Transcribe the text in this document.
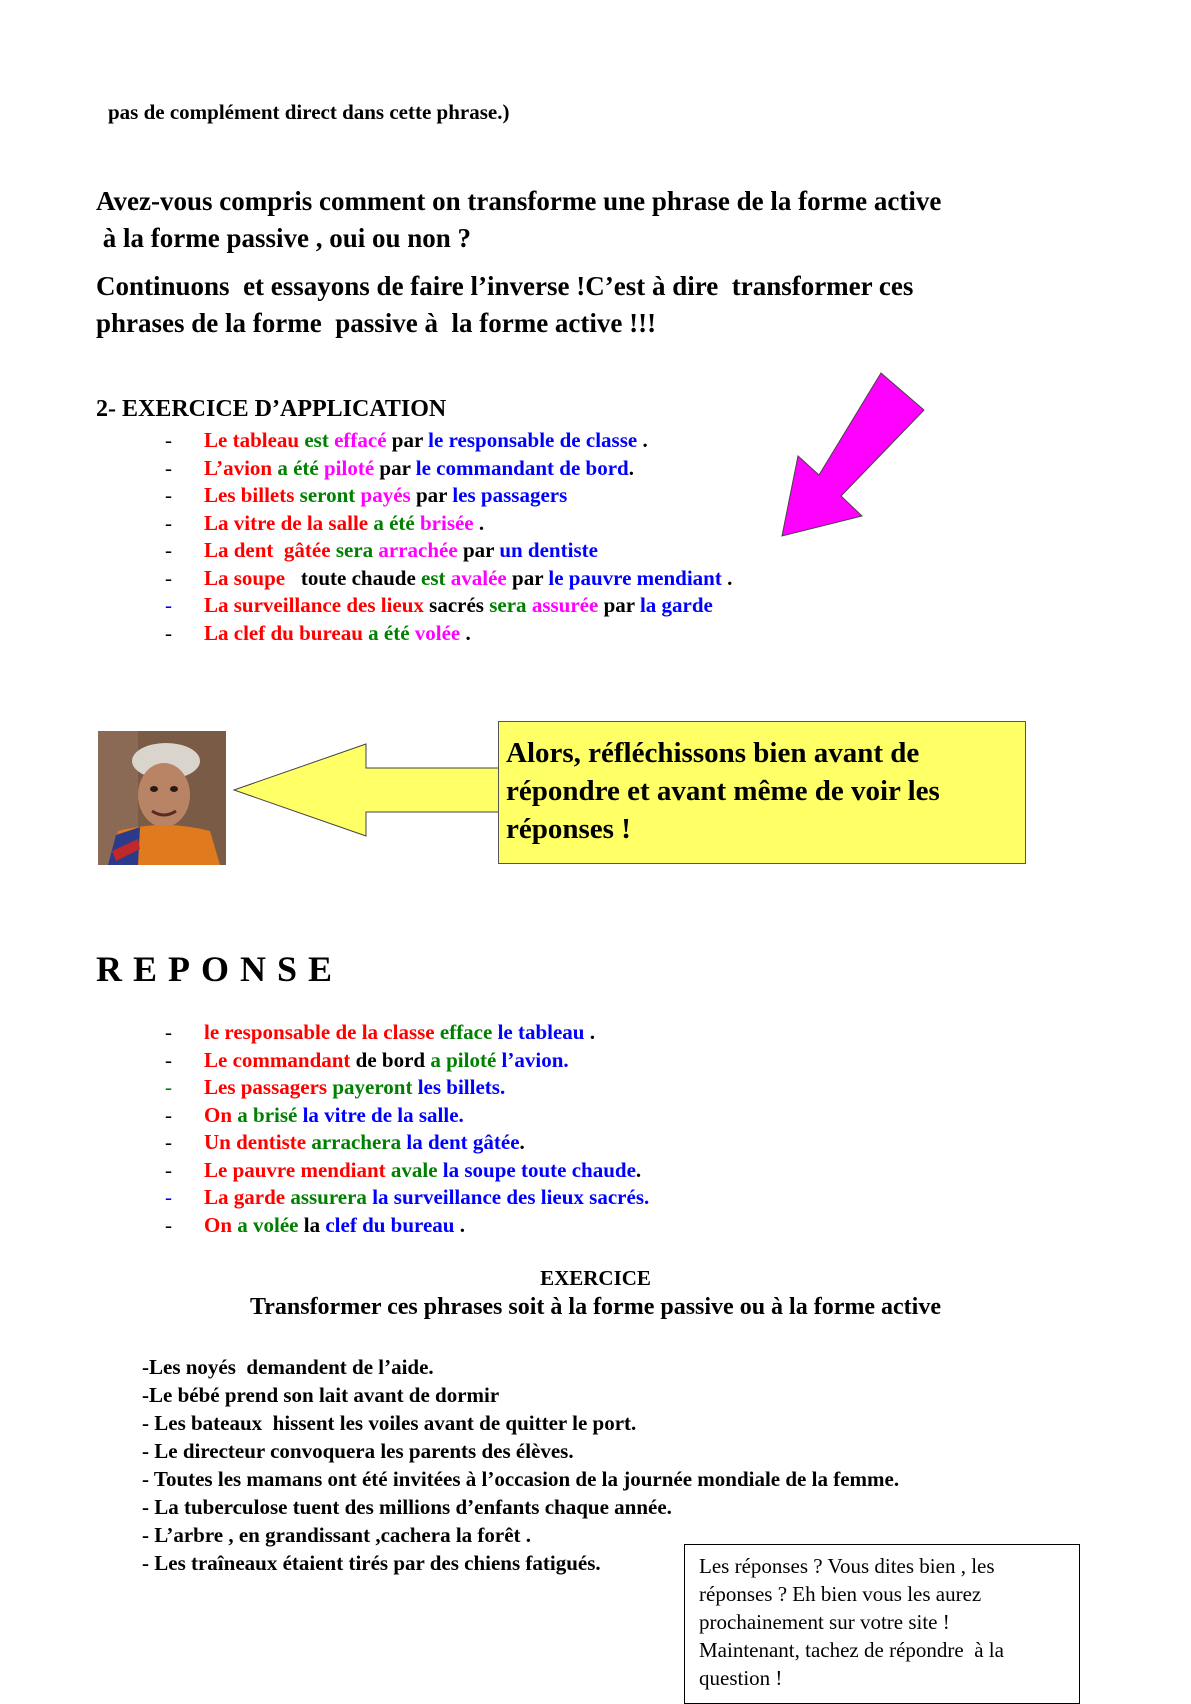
pas de complément direct dans cette phrase.)
Avez-vous compris comment on transforme une phrase de la forme active
à la forme passive , oui ou non ?
Continuons  et essayons de faire l’inverse !C’est à dire  transformer ces
phrases de la forme  passive à  la forme active !!!
2- EXERCICE D’APPLICATION
- Le tableau est effacé par le responsable de classe .
- L’avion a été piloté par le commandant de bord.
- Les billets seront payés par les passagers
- La vitre de la salle a été brisée .
- La dent  gâtée sera arrachée par un dentiste
- La soupe   toute chaude est avalée par le pauvre mendiant .
- La surveillance des lieux sacrés sera assurée par la garde
- La clef du bureau a été volée .
Alors, réfléchissons bien avant de répondre et avant même de voir les réponses !
REPONSE
- le responsable de la classe efface le tableau .
- Le commandant de bord a piloté l’avion.
- Les passagers payeront les billets.
- On a brisé la vitre de la salle.
- Un dentiste arrachera la dent gâtée.
- Le pauvre mendiant avale la soupe toute chaude.
- La garde assurera la surveillance des lieux sacrés.
- On a volée la clef du bureau .
EXERCICE
Transformer ces phrases soit à la forme passive ou à la forme active
-Les noyés  demandent de l’aide.
-Le bébé prend son lait avant de dormir
- Les bateaux  hissent les voiles avant de quitter le port.
- Le directeur convoquera les parents des élèves.
- Toutes les mamans ont été invitées à l’occasion de la journée mondiale de la femme.
- La tuberculose tuent des millions d’enfants chaque année.
- L’arbre , en grandissant ,cachera la forêt .
- Les traîneaux étaient tirés par des chiens fatigués.	Les réponses ? Vous dites bien , les
réponses ? Eh bien vous les aurez
prochainement sur votre site !
Maintenant, tachez de répondre  à la
question !
